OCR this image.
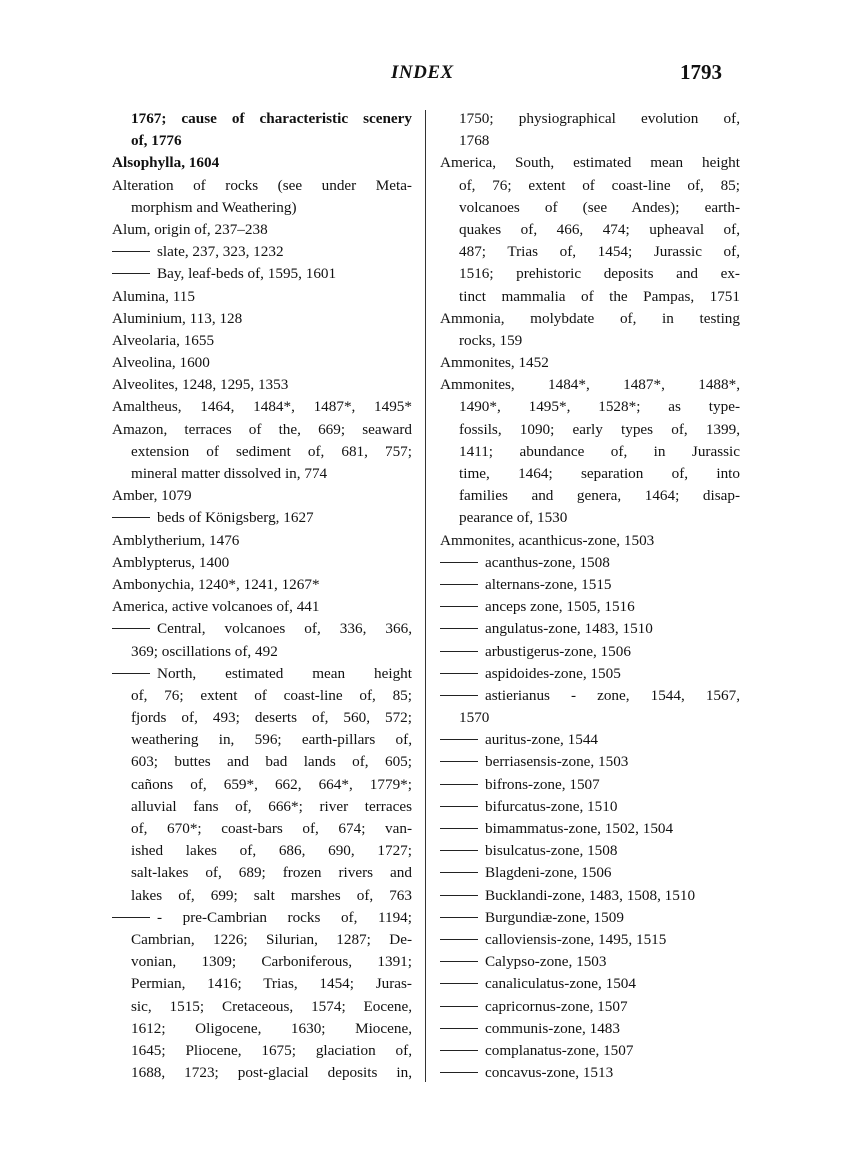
INDEX	1793
1767; cause of characteristic scenery
of, 1776
Alsophylla, 1604
Alteration of rocks (see under Meta-
morphism and Weathering)
Alum, origin of, 237–238
slate, 237, 323, 1232
Bay, leaf-beds of, 1595, 1601
Alumina, 115
Aluminium, 113, 128
Alveolaria, 1655
Alveolina, 1600
Alveolites, 1248, 1295, 1353
Amaltheus, 1464, 1484*, 1487*, 1495*
Amazon, terraces of the, 669; seaward
extension of sediment of, 681, 757;
mineral matter dissolved in, 774
Amber, 1079
beds of Königsberg, 1627
Amblytherium, 1476
Amblypterus, 1400
Ambonychia, 1240*, 1241, 1267*
America, active volcanoes of, 441
Central, volcanoes of, 336, 366,
369; oscillations of, 492
North, estimated mean height
of, 76; extent of coast-line of, 85;
fjords of, 493; deserts of, 560, 572;
weathering in, 596; earth-pillars of,
603; buttes and bad lands of, 605;
cañons of, 659*, 662, 664*, 1779*;
alluvial fans of, 666*; river terraces
of, 670*; coast-bars of, 674; van-
ished lakes of, 686, 690, 1727;
salt-lakes of, 689; frozen rivers and
lakes of, 699; salt marshes of, 763
- pre-Cambrian rocks of, 1194;
Cambrian, 1226; Silurian, 1287; De-
vonian, 1309; Carboniferous, 1391;
Permian, 1416; Trias, 1454; Juras-
sic, 1515; Cretaceous, 1574; Eocene,
1612; Oligocene, 1630; Miocene,
1645; Pliocene, 1675; glaciation of,
1688, 1723; post-glacial deposits in,
1750; physiographical evolution of,
1768
America, South, estimated mean height
of, 76; extent of coast-line of, 85;
volcanoes of (see Andes); earth-
quakes of, 466, 474; upheaval of,
487; Trias of, 1454; Jurassic of,
1516; prehistoric deposits and ex-
tinct mammalia of the Pampas, 1751
Ammonia, molybdate of, in testing
rocks, 159
Ammonites, 1452
Ammonites, 1484*, 1487*, 1488*,
1490*, 1495*, 1528*; as type-
fossils, 1090; early types of, 1399,
1411; abundance of, in Jurassic
time, 1464; separation of, into
families and genera, 1464; disap-
pearance of, 1530
Ammonites, acanthicus-zone, 1503
acanthus-zone, 1508
alternans-zone, 1515
anceps zone, 1505, 1516
angulatus-zone, 1483, 1510
arbustigerus-zone, 1506
aspidoides-zone, 1505
astierianus - zone, 1544, 1567,
1570
auritus-zone, 1544
berriasensis-zone, 1503
bifrons-zone, 1507
bifurcatus-zone, 1510
bimammatus-zone, 1502, 1504
bisulcatus-zone, 1508
Blagdeni-zone, 1506
Bucklandi-zone, 1483, 1508, 1510
Burgundiæ-zone, 1509
calloviensis-zone, 1495, 1515
Calypso-zone, 1503
canaliculatus-zone, 1504
capricornus-zone, 1507
communis-zone, 1483
complanatus-zone, 1507
concavus-zone, 1513
